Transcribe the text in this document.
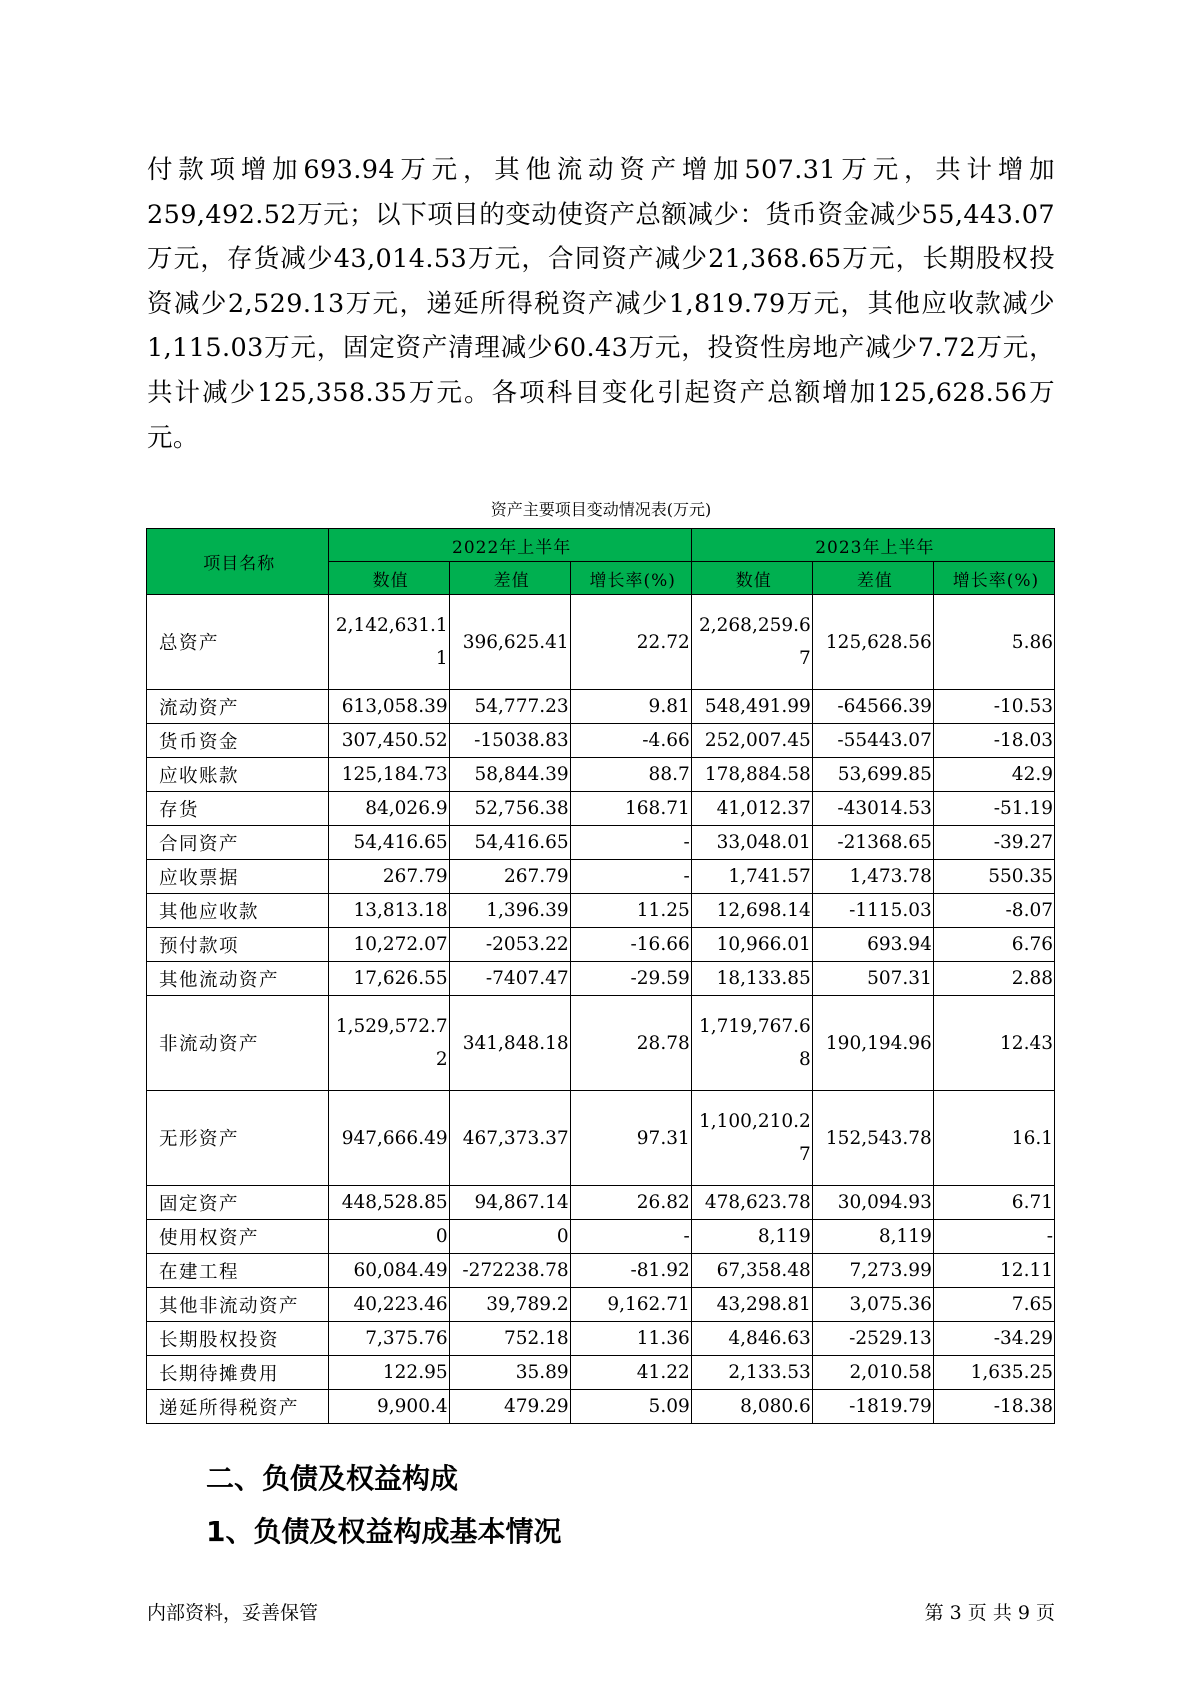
付款项增加693.94万元，其他流动资产增加507.31万元，共计增加259,492.52万元；以下项目的变动使资产总额减少：货币资金减少55,443.07万元，存货减少43,014.53万元，合同资产减少21,368.65万元，长期股权投资减少2,529.13万元，递延所得税资产减少1,819.79万元，其他应收款减少1,115.03万元，固定资产清理减少60.43万元，投资性房地产减少7.72万元，共计减少125,358.35万元。各项科目变化引起资产总额增加125,628.56万元。
资产主要项目变动情况表(万元)
项目名称	2022年上半年			2023年上半年		
	数值	差值	增长率(%)	数值	差值	增长率(%)
总资产	2,142,631.11	396,625.41	22.72	2,268,259.67	125,628.56	5.86
流动资产	613,058.39	54,777.23	9.81	548,491.99	-64566.39	-10.53
货币资金	307,450.52	-15038.83	-4.66	252,007.45	-55443.07	-18.03
应收账款	125,184.73	58,844.39	88.7	178,884.58	53,699.85	42.9
存货	84,026.9	52,756.38	168.71	41,012.37	-43014.53	-51.19
合同资产	54,416.65	54,416.65	-	33,048.01	-21368.65	-39.27
应收票据	267.79	267.79	-	1,741.57	1,473.78	550.35
其他应收款	13,813.18	1,396.39	11.25	12,698.14	-1115.03	-8.07
预付款项	10,272.07	-2053.22	-16.66	10,966.01	693.94	6.76
其他流动资产	17,626.55	-7407.47	-29.59	18,133.85	507.31	2.88
非流动资产	1,529,572.72	341,848.18	28.78	1,719,767.68	190,194.96	12.43
无形资产	947,666.49	467,373.37	97.31	1,100,210.27	152,543.78	16.1
固定资产	448,528.85	94,867.14	26.82	478,623.78	30,094.93	6.71
使用权资产	0	0	-	8,119	8,119	-
在建工程	60,084.49	-272238.78	-81.92	67,358.48	7,273.99	12.11
其他非流动资产	40,223.46	39,789.2	9,162.71	43,298.81	3,075.36	7.65
长期股权投资	7,375.76	752.18	11.36	4,846.63	-2529.13	-34.29
长期待摊费用	122.95	35.89	41.22	2,133.53	2,010.58	1,635.25
递延所得税资产	9,900.4	479.29	5.09	8,080.6	-1819.79	-18.38
二、负债及权益构成
1、负债及权益构成基本情况
内部资料，妥善保管	第 3 页 共 9 页
